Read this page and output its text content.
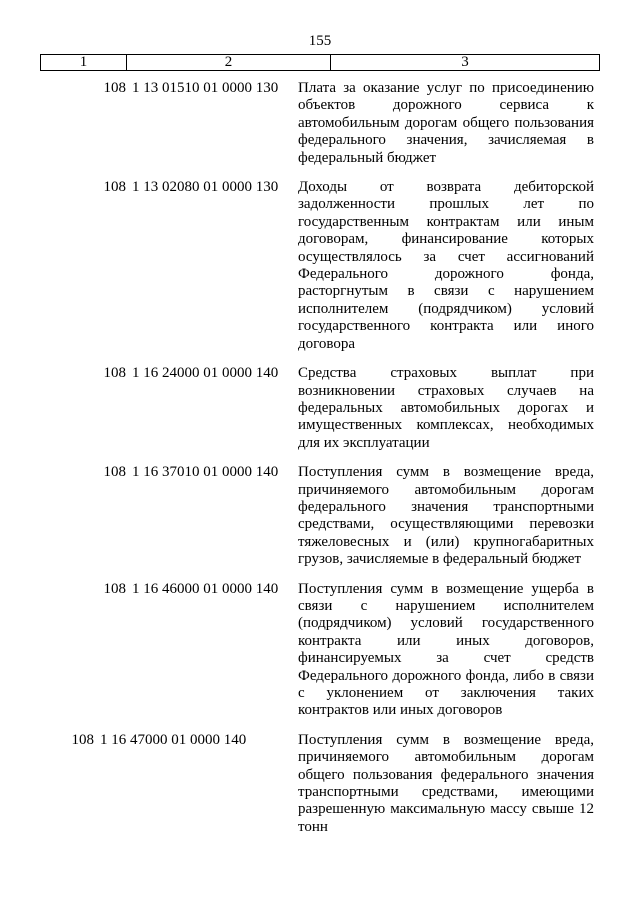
155
1	2	3
108 1 13 01510 01 0000 130	Плата за оказание услуг по присоединению объектов дорожного сервиса к автомобильным дорогам общего пользования федерального значения, зачисляемая в федеральный бюджет
108 1 13 02080 01 0000 130	Доходы от возврата дебиторской задолженности прошлых лет по государственным контрактам или иным договорам, финансирование которых осуществлялось за счет ассигнований Федерального дорожного фонда, расторгнутым в связи с нарушением исполнителем (подрядчиком) условий государственного контракта или иного договора
108 1 16 24000 01 0000 140	Средства страховых выплат при возникновении страховых случаев на федеральных автомобильных дорогах и имущественных комплексах, необходимых для их эксплуатации
108 1 16 37010 01 0000 140	Поступления сумм в возмещение вреда, причиняемого автомобильным дорогам федерального значения транспортными средствами, осуществляющими перевозки тяжеловесных и (или) крупногабаритных грузов, зачисляемые в федеральный бюджет
108 1 16 46000 01 0000 140	Поступления сумм в возмещение ущерба в связи с нарушением исполнителем (подрядчиком) условий государственного контракта или иных договоров, финансируемых за счет средств Федерального дорожного фонда, либо в связи с уклонением от заключения таких контрактов или иных договоров
108 1 16 47000 01 0000 140	Поступления сумм в возмещение вреда, причиняемого автомобильным дорогам общего пользования федерального значения транспортными средствами, имеющими разрешенную максимальную массу свыше 12 тонн
